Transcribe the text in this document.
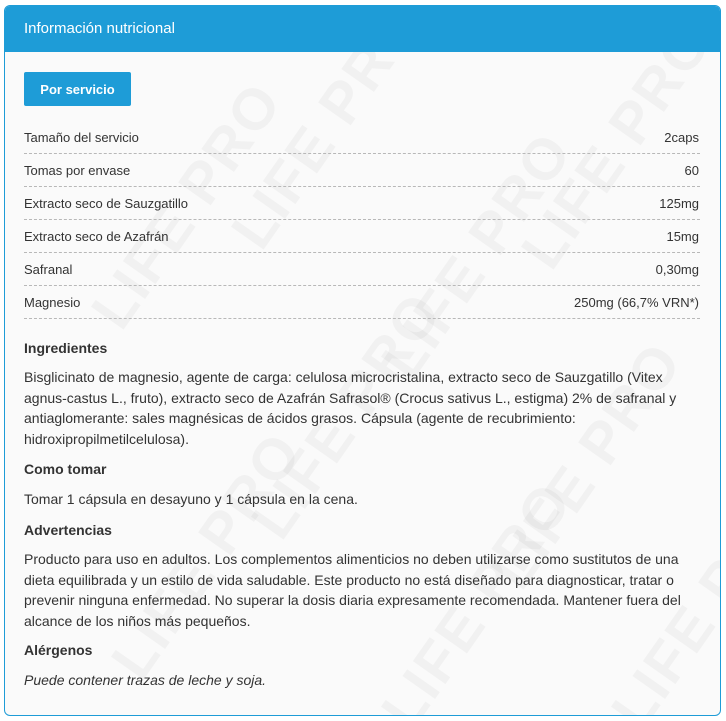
Información nutricional
Por servicio
Tamaño del servicio	2caps
Tomas por envase	60
Extracto seco de Sauzgatillo	125mg
Extracto seco de Azafrán	15mg
Safranal	0,30mg
Magnesio	250mg (66,7% VRN*)
Ingredientes
Bisglicinato de magnesio, agente de carga: celulosa microcristalina, extracto seco de Sauzgatillo (Vitex agnus-castus L., fruto), extracto seco de Azafrán Safrasol® (Crocus sativus L., estigma) 2% de safranal y antiaglomerante: sales magnésicas de ácidos grasos. Cápsula (agente de recubrimiento: hidroxipropilmetilcelulosa).
Como tomar
Tomar 1 cápsula en desayuno y 1 cápsula en la cena.
Advertencias
Producto para uso en adultos. Los complementos alimenticios no deben utilizarse como sustitutos de una dieta equilibrada y un estilo de vida saludable. Este producto no está diseñado para diagnosticar, tratar o prevenir ninguna enfermedad. No superar la dosis diaria expresamente recomendada. Mantener fuera del alcance de los niños más pequeños.
Alérgenos
Puede contener trazas de leche y soja.
